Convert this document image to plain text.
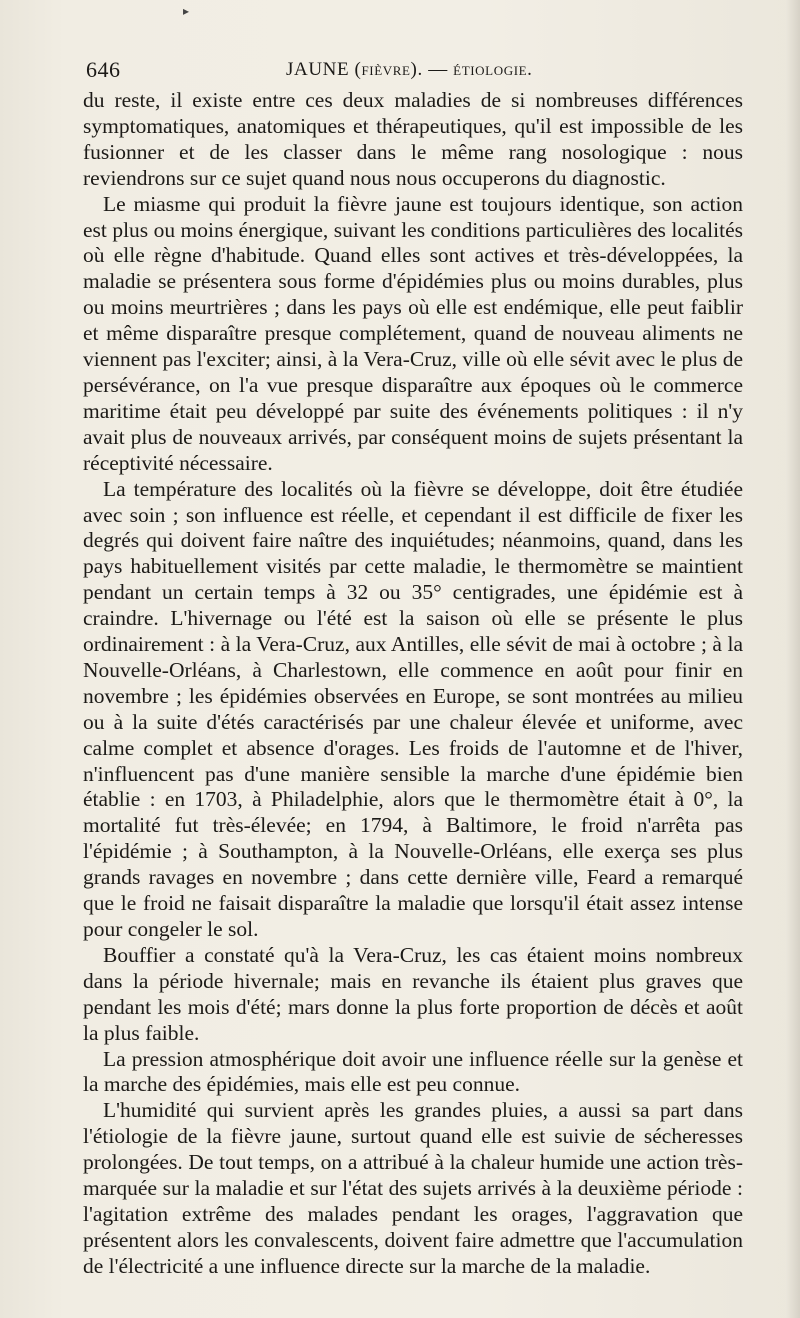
▸
646	JAUNE (fièvre). — étiologie.

du reste, il existe entre ces deux maladies de si nombreuses différences symptomatiques, anatomiques et thérapeutiques, qu'il est impossible de les fusionner et de les classer dans le même rang nosologique : nous reviendrons sur ce sujet quand nous nous occuperons du diagnostic.

Le miasme qui produit la fièvre jaune est toujours identique, son action est plus ou moins énergique, suivant les conditions particulières des localités où elle règne d'habitude. Quand elles sont actives et très-développées, la maladie se présentera sous forme d'épidémies plus ou moins durables, plus ou moins meurtrières ; dans les pays où elle est endémique, elle peut faiblir et même disparaître presque complétement, quand de nouveau aliments ne viennent pas l'exciter; ainsi, à la Vera-Cruz, ville où elle sévit avec le plus de persévérance, on l'a vue presque disparaître aux époques où le commerce maritime était peu développé par suite des événements politiques : il n'y avait plus de nouveaux arrivés, par conséquent moins de sujets présentant la réceptivité nécessaire.

La température des localités où la fièvre se développe, doit être étudiée avec soin ; son influence est réelle, et cependant il est difficile de fixer les degrés qui doivent faire naître des inquiétudes; néanmoins, quand, dans les pays habituellement visités par cette maladie, le thermomètre se maintient pendant un certain temps à 32 ou 35° centigrades, une épidémie est à craindre. L'hivernage ou l'été est la saison où elle se présente le plus ordinairement : à la Vera-Cruz, aux Antilles, elle sévit de mai à octobre ; à la Nouvelle-Orléans, à Charlestown, elle commence en août pour finir en novembre ; les épidémies observées en Europe, se sont montrées au milieu ou à la suite d'étés caractérisés par une chaleur élevée et uniforme, avec calme complet et absence d'orages. Les froids de l'automne et de l'hiver, n'influencent pas d'une manière sensible la marche d'une épidémie bien établie : en 1703, à Philadelphie, alors que le thermomètre était à 0°, la mortalité fut très-élevée; en 1794, à Baltimore, le froid n'arrêta pas l'épidémie ; à Southampton, à la Nouvelle-Orléans, elle exerça ses plus grands ravages en novembre ; dans cette dernière ville, Feard a remarqué que le froid ne faisait disparaître la maladie que lorsqu'il était assez intense pour congeler le sol.

Bouffier a constaté qu'à la Vera-Cruz, les cas étaient moins nombreux dans la période hivernale; mais en revanche ils étaient plus graves que pendant les mois d'été; mars donne la plus forte proportion de décès et août la plus faible.

La pression atmosphérique doit avoir une influence réelle sur la genèse et la marche des épidémies, mais elle est peu connue.

L'humidité qui survient après les grandes pluies, a aussi sa part dans l'étiologie de la fièvre jaune, surtout quand elle est suivie de sécheresses prolongées. De tout temps, on a attribué à la chaleur humide une action très-marquée sur la maladie et sur l'état des sujets arrivés à la deuxième période : l'agitation extrême des malades pendant les orages, l'aggravation que présentent alors les convalescents, doivent faire admettre que l'accumulation de l'électricité a une influence directe sur la marche de la maladie.
